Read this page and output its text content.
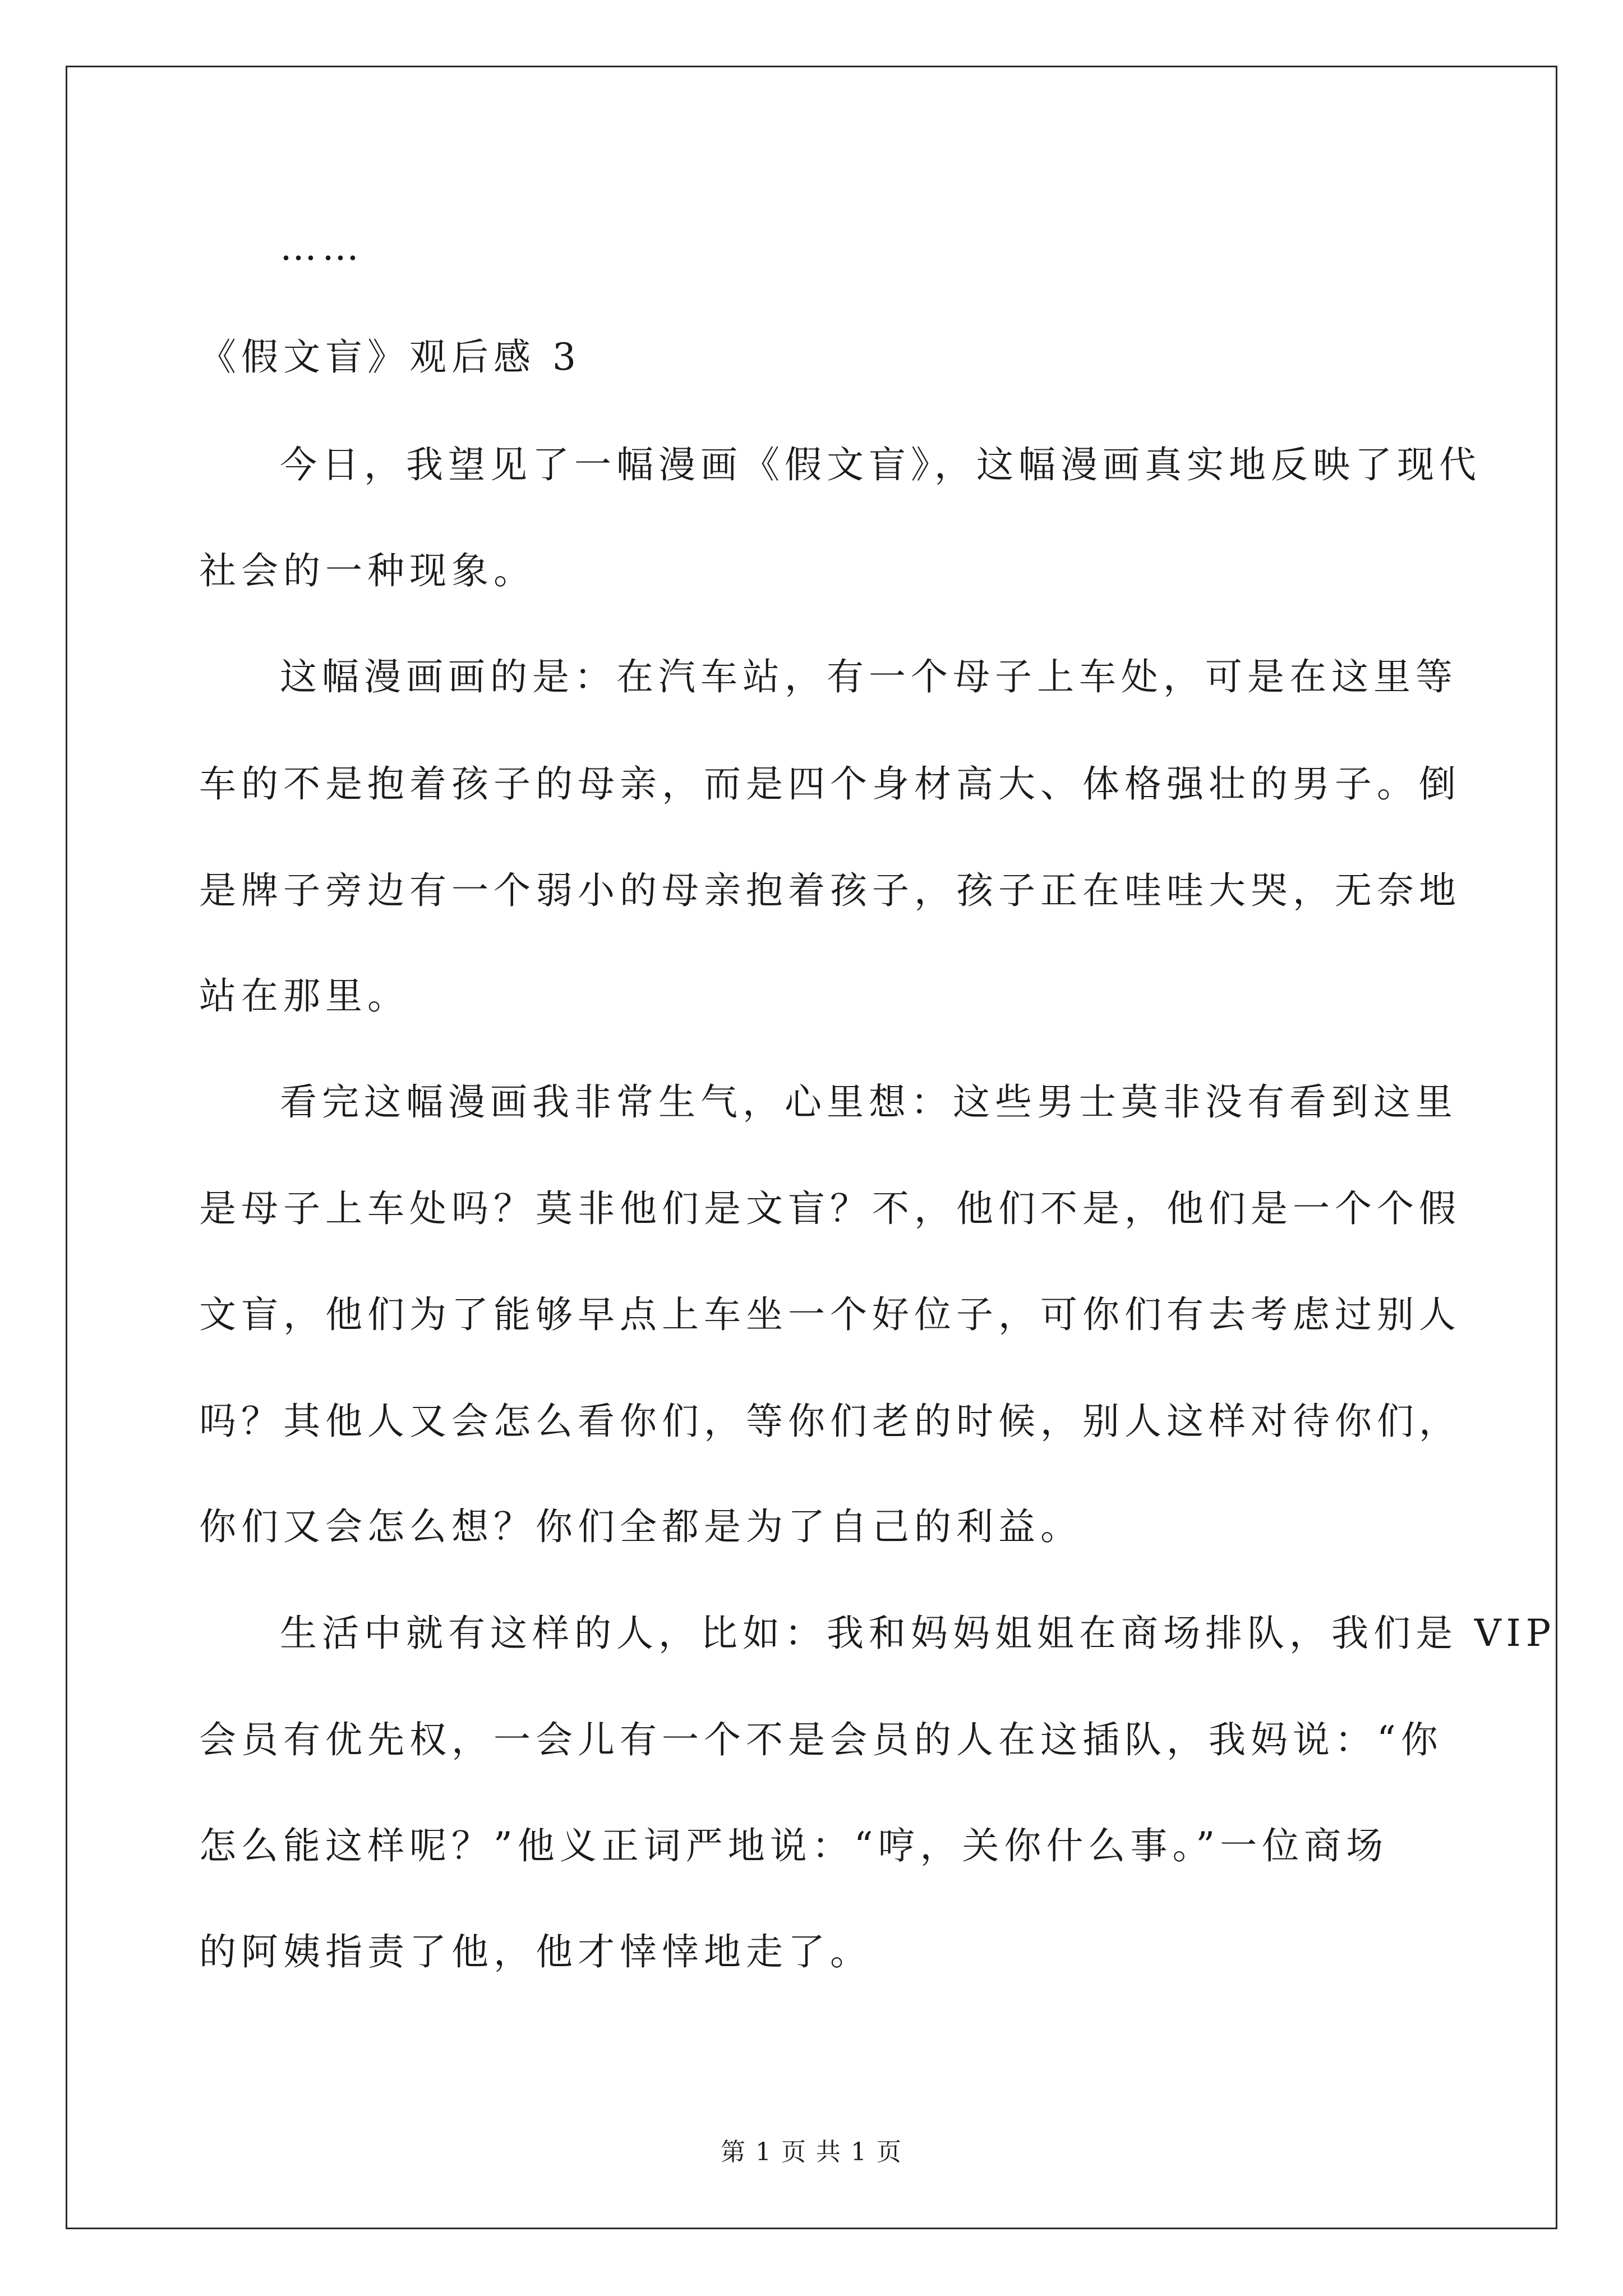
……
《假文盲》观后感 3
今日，我望见了一幅漫画《假文盲》，这幅漫画真实地反映了现代
社会的一种现象。
这幅漫画画的是：在汽车站，有一个母子上车处，可是在这里等
车的不是抱着孩子的母亲，而是四个身材高大、体格强壮的男子。倒
是牌子旁边有一个弱小的母亲抱着孩子，孩子正在哇哇大哭，无奈地
站在那里。
看完这幅漫画我非常生气，心里想：这些男士莫非没有看到这里
是母子上车处吗？莫非他们是文盲？不，他们不是，他们是一个个假
文盲，他们为了能够早点上车坐一个好位子，可你们有去考虑过别人
吗？其他人又会怎么看你们，等你们老的时候，别人这样对待你们，
你们又会怎么想？你们全都是为了自己的利益。
生活中就有这样的人，比如：我和妈妈姐姐在商场排队，我们是 VIP
会员有优先权，一会儿有一个不是会员的人在这插队，我妈说：“你
怎么能这样呢？”他义正词严地说：“哼，关你什么事。”一位商场
的阿姨指责了他，他才悻悻地走了。
第 1 页 共 1 页
